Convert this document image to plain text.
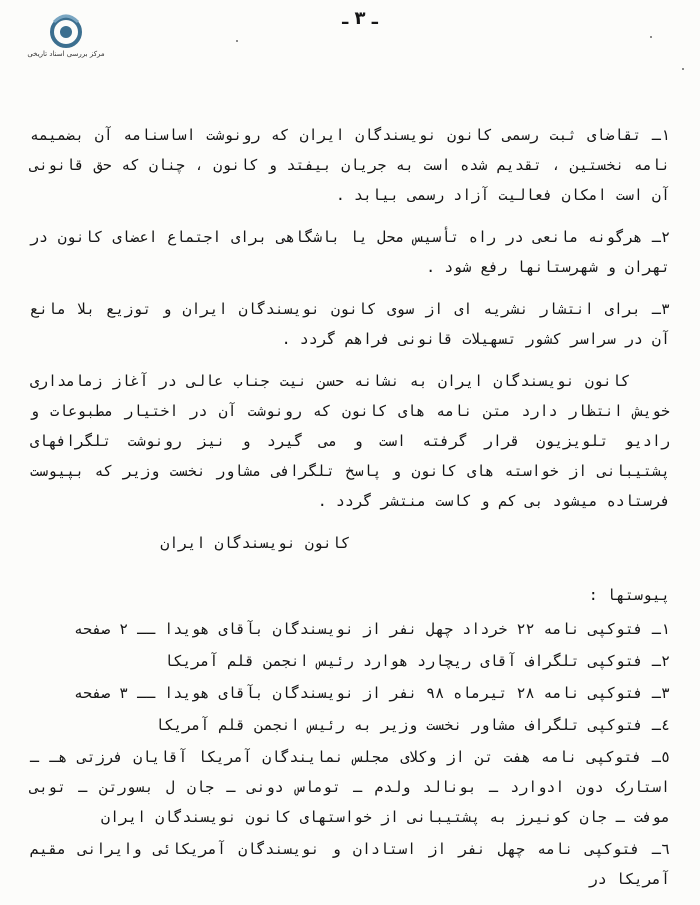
مرکز بررسی اسناد تاریخی
ـ ٣ ـ

١ـ تقاضای ثبت رسمی کانون نویسندگان ایران که رونوشت اساسنامه آن بضمیمه نامه نخستین ، تقدیم شده است به جریان بیفتد و کانون ، چنان که حق قانونی آن است امکان فعالیت آزاد رسمی بیابد .

٢ـ هرگونه مانعی در راه تأسیس محل یا باشگاهی برای اجتماع اعضای کانون در تهران و شهرستانها رفع شود .

٣ـ برای انتشار نشریه ای از سوی کانون نویسندگان ایران و توزیع بلا مانع آن در سراسر کشور تسهیلات قانونی فراهم گردد .

کانون نویسندگان ایران به نشانه حسن نیت جناب عالی در آغاز زمامداری خویش انتظار دارد متن نامه های کانون که رونوشت آن در اختیار مطبوعات و رادیو تلویزیون قرار گرفته است و می گیرد و نیز رونوشت تلگرافهای پشتیبانی از خواسته های کانون و پاسخ تلگرافی مشاور نخست وزیر که بپیوست فرستاده میشود بی کم و کاست منتشر گردد .

کانون نویسندگان ایران

پیوستها :

١ـ فتوکپی نامه ٢٢ خرداد چهل نفر از نویسندگان بآقای هویدا ــ ٢ صفحه
٢ـ فتوکپی تلگراف آقای ریچارد هوارد رئیس انجمن قلم آمریکا
٣ـ فتوکپی نامه ٢٨ تیرماه ٩٨ نفر از نویسندگان بآقای هویدا ــ ٣ صفحه
٤ـ فتوکپی تلگراف مشاور نخست وزیر به رئیس انجمن قلم آمریکا
٥ـ فتوکپی نامه هفت تن از وکلای مجلس نمایندگان آمریکا آقایان فرزتی هـ ـ استارک دون ادوارد ـ بونالد ولدم ـ توماس دونی ـ جان ل بسورتن ـ توبی موفت ـ جان کونیرز به پشتیبانی از خواستهای کانون نویسندگان ایران
٦ـ فتوکپی نامه چهل نفر از استادان و نویسندگان آمریکائی وایرانی مقیم آمریکا در
